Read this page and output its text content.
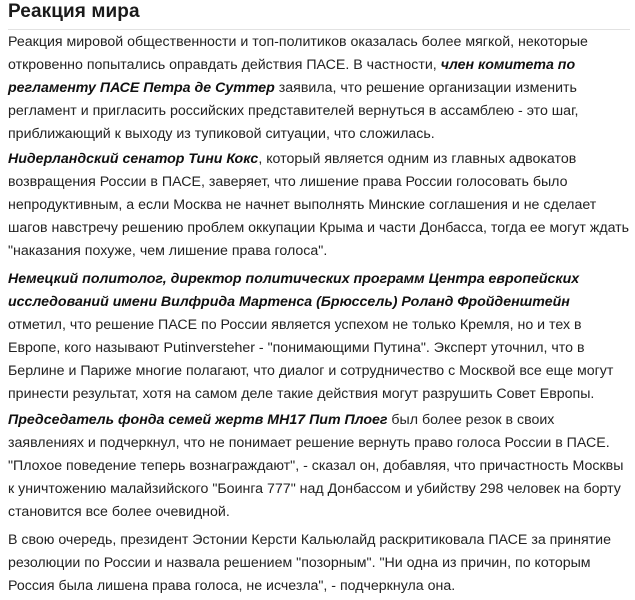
Реакция мира

Реакция мировой общественности и топ-политиков оказалась более мягкой, некоторые откровенно попытались оправдать действия ПАСЕ. В частности, член комитета по регламенту ПАСЕ Петра де Суттер заявила, что решение организации изменить регламент и пригласить российских представителей вернуться в ассамблею - это шаг, приближающий к выходу из тупиковой ситуации, что сложилась.

Нидерландский сенатор Тини Кокс, который является одним из главных адвокатов возвращения России в ПАСЕ, заверяет, что лишение права России голосовать было непродуктивным, а если Москва не начнет выполнять Минские соглашения и не сделает шагов навстречу решению проблем оккупации Крыма и части Донбасса, тогда ее могут ждать "наказания похуже, чем лишение права голоса".

Немецкий политолог, директор политических программ Центра европейских исследований имени Вилфрида Мартенса (Брюссель) Роланд Фройденштейн отметил, что решение ПАСЕ по России является успехом не только Кремля, но и тех в Европе, кого называют Putinversteher - "понимающими Путина". Эксперт уточнил, что в Берлине и Париже многие полагают, что диалог и сотрудничество с Москвой все еще могут принести результат, хотя на самом деле такие действия могут разрушить Совет Европы.

Председатель фонда семей жертв МН17 Пит Плоег был более резок в своих заявлениях и подчеркнул, что не понимает решение вернуть право голоса России в ПАСЕ. "Плохое поведение теперь вознаграждают", - сказал он, добавляя, что причастность Москвы к уничтожению малайзийского "Боинга 777" над Донбассом и убийству 298 человек на борту становится все более очевидной.

В свою очередь, президент Эстонии Керсти Кальюлайд раскритиковала ПАСЕ за принятие резолюции по России и назвала решением "позорным". "Ни одна из причин, по которым Россия была лишена права голоса, не исчезла", - подчеркнула она.
